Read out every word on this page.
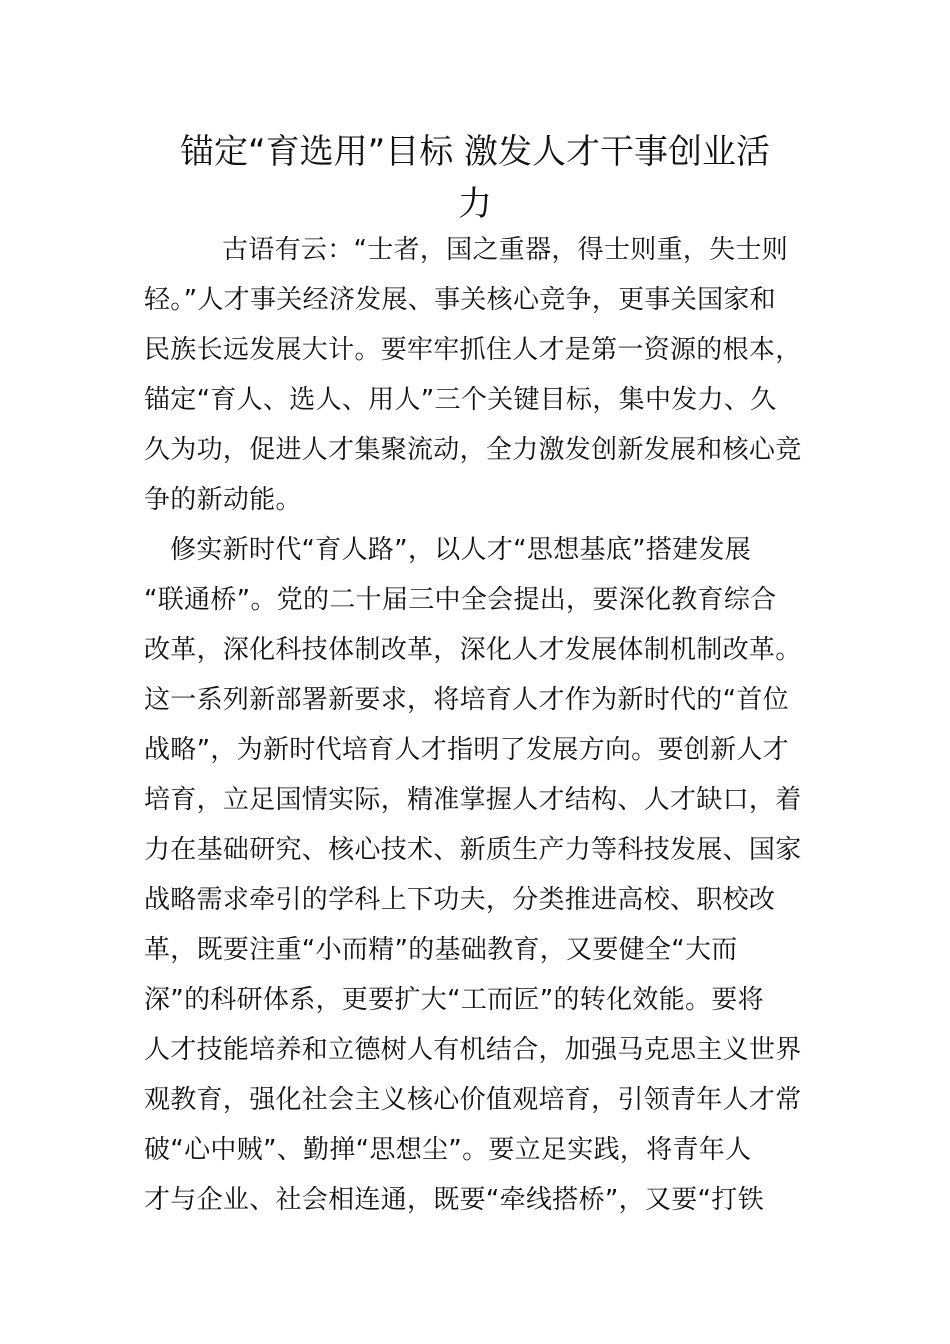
锚定“育选用”目标 激发人才干事创业活
力
古语有云：“士者，国之重器，得士则重，失士则
轻。”人才事关经济发展、事关核心竞争，更事关国家和
民族长远发展大计。要牢牢抓住人才是第一资源的根本，
锚定“育人、选人、用人”三个关键目标，集中发力、久
久为功，促进人才集聚流动，全力激发创新发展和核心竞
争的新动能。
修实新时代“育人路”，以人才“思想基底”搭建发展
“联通桥”。党的二十届三中全会提出，要深化教育综合
改革，深化科技体制改革，深化人才发展体制机制改革。
这一系列新部署新要求，将培育人才作为新时代的“首位
战略”，为新时代培育人才指明了发展方向。要创新人才
培育，立足国情实际，精准掌握人才结构、人才缺口，着
力在基础研究、核心技术、新质生产力等科技发展、国家
战略需求牵引的学科上下功夫，分类推进高校、职校改
革，既要注重“小而精”的基础教育，又要健全“大而
深”的科研体系，更要扩大“工而匠”的转化效能。要将
人才技能培养和立德树人有机结合，加强马克思主义世界
观教育，强化社会主义核心价值观培育，引领青年人才常
破“心中贼”、勤掸“思想尘”。要立足实践，将青年人
才与企业、社会相连通，既要“牵线搭桥”，又要“打铁
